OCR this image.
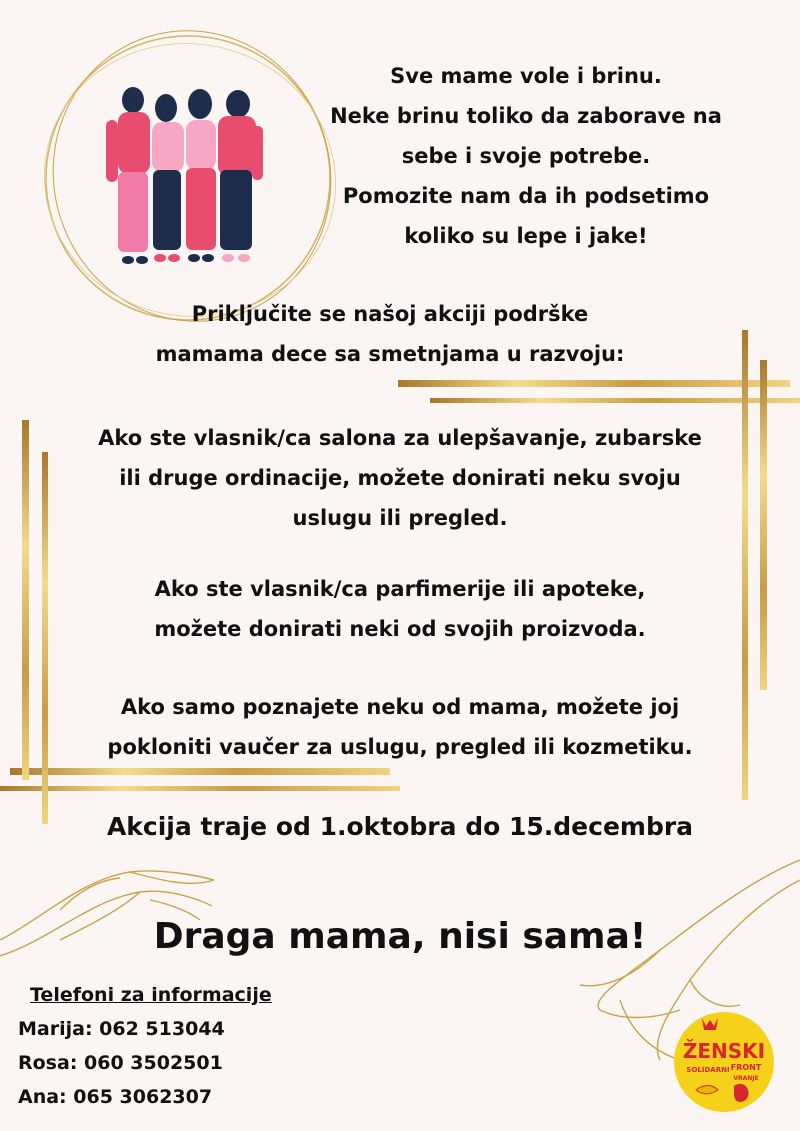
Sve mame vole i brinu.
Neke brinu toliko da zaborave na
sebe i svoje potrebe.
Pomozite nam da ih podsetimo
koliko su lepe i jake!
Priključite se našoj akciji podrške
mamama dece sa smetnjama u razvoju:
Ako ste vlasnik/ca salona za ulepšavanje, zubarske
ili druge ordinacije, možete donirati neku svoju
uslugu ili pregled.
Ako ste vlasnik/ca parfimerije ili apoteke,
možete donirati neki od svojih proizvoda.
Ako samo poznajete neku od mama, možete joj
pokloniti vaučer za uslugu, pregled ili kozmetiku.
Akcija traje od 1.oktobra do 15.decembra
Draga mama, nisi sama!
Telefoni za informacije
Marija: 062 513044
Rosa: 060 3502501
Ana: 065 3062307
ŽENSKI
SOLIDARNI FRONT
VRANJE
